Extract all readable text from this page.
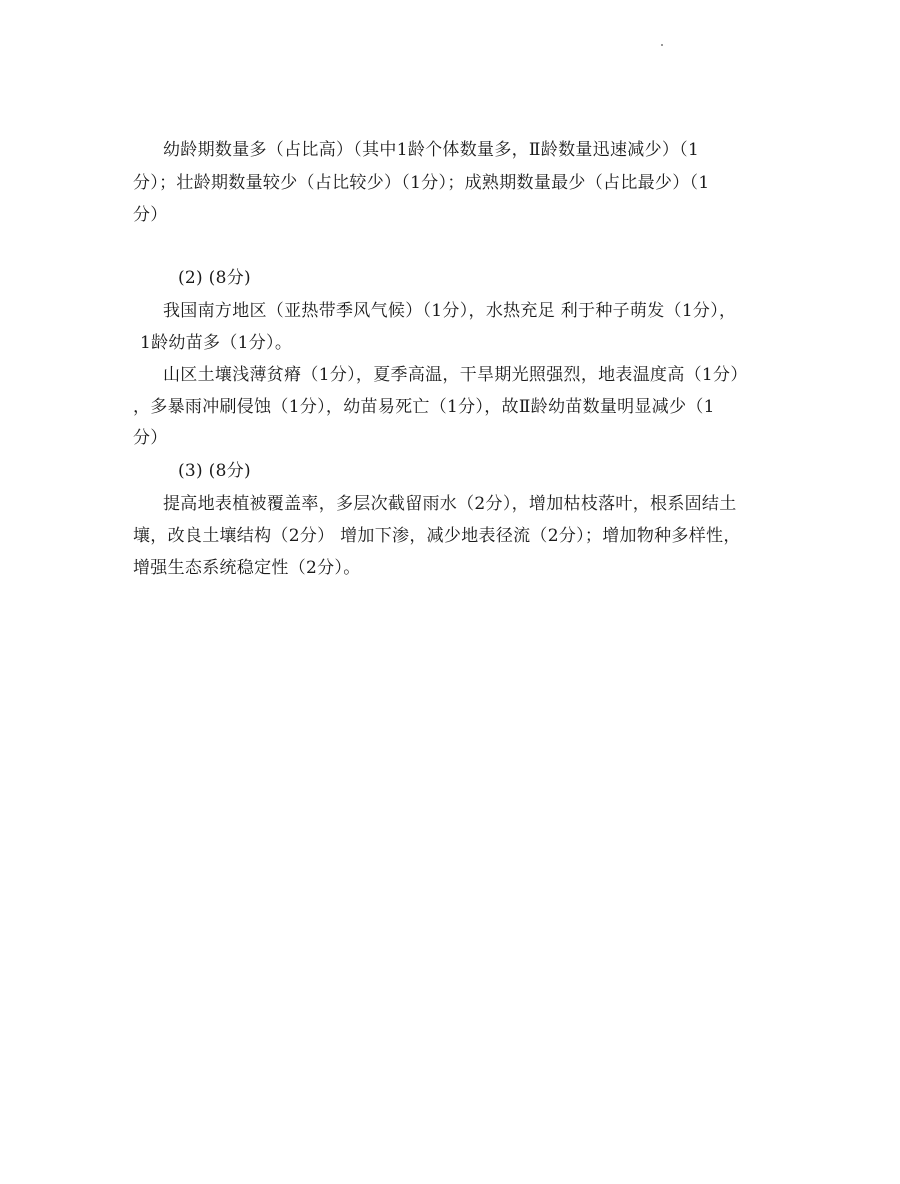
幼龄期数量多（占比高）（其中1龄个体数量多，Ⅱ龄数量迅速减少）（1
分）；壮龄期数量较少（占比较少）（1分）；成熟期数量最少（占比最少）（1
分）
(2) (8分)
我国南方地区（亚热带季风气候）（1分），水热充足 利于种子萌发（1分），
1龄幼苗多（1分）。
山区土壤浅薄贫瘠（1分），夏季高温，干旱期光照强烈，地表温度高（1分）
，多暴雨冲刷侵蚀（1分），幼苗易死亡（1分），故Ⅱ龄幼苗数量明显减少（1
分）
(3) (8分)
提高地表植被覆盖率，多层次截留雨水（2分），增加枯枝落叶，根系固结土
壤，改良土壤结构（2分） 增加下渗，减少地表径流（2分）；增加物种多样性，
增强生态系统稳定性（2分）。
